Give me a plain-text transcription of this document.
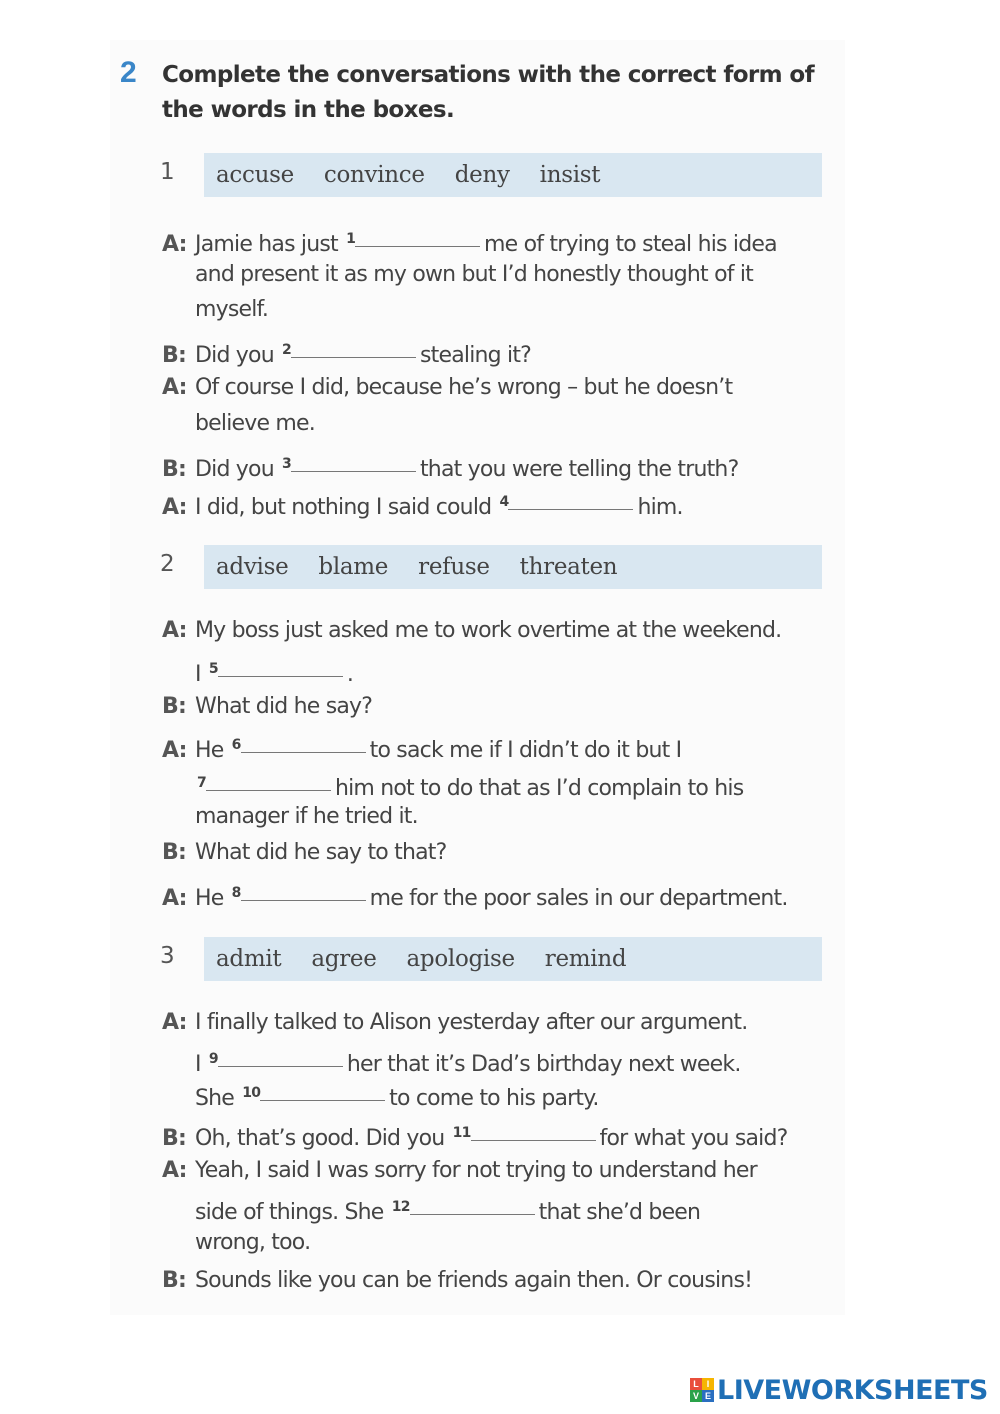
2 Complete the conversations with the correct form of the words in the boxes.
1	accuse convince deny insist
A: Jamie has just $^1$	me of trying to steal his idea
and present it as my own but I’d honestly thought of it
myself.
B: Did you $^2$	stealing it?
A: Of course I did, because he’s wrong – but he doesn’t
believe me.
B: Did you $^3$	that you were telling the truth?
A: I did, but nothing I said could $^4$	him.
2	advise blame refuse threaten
A: My boss just asked me to work overtime at the weekend.
I $^5$	.
B: What did he say?
A: He $^6$	to sack me if I didn’t do it but I
$^7$	him not to do that as I’d complain to his
manager if he tried it.
B: What did he say to that?
A: He $^8$	me for the poor sales in our department.
3	admit agree apologise remind
A: I finally talked to Alison yesterday after our argument.
I $^9$	her that it’s Dad’s birthday next week.
She $^{10}$	to come to his party.
B: Oh, that’s good. Did you $^{11}$	for what you said?
A: Yeah, I said I was sorry for not trying to understand her
side of things. She $^{12}$	that she’d been
wrong, too.
B: Sounds like you can be friends again then. Or cousins!
L I
V E LIVEWORKSHEETS
